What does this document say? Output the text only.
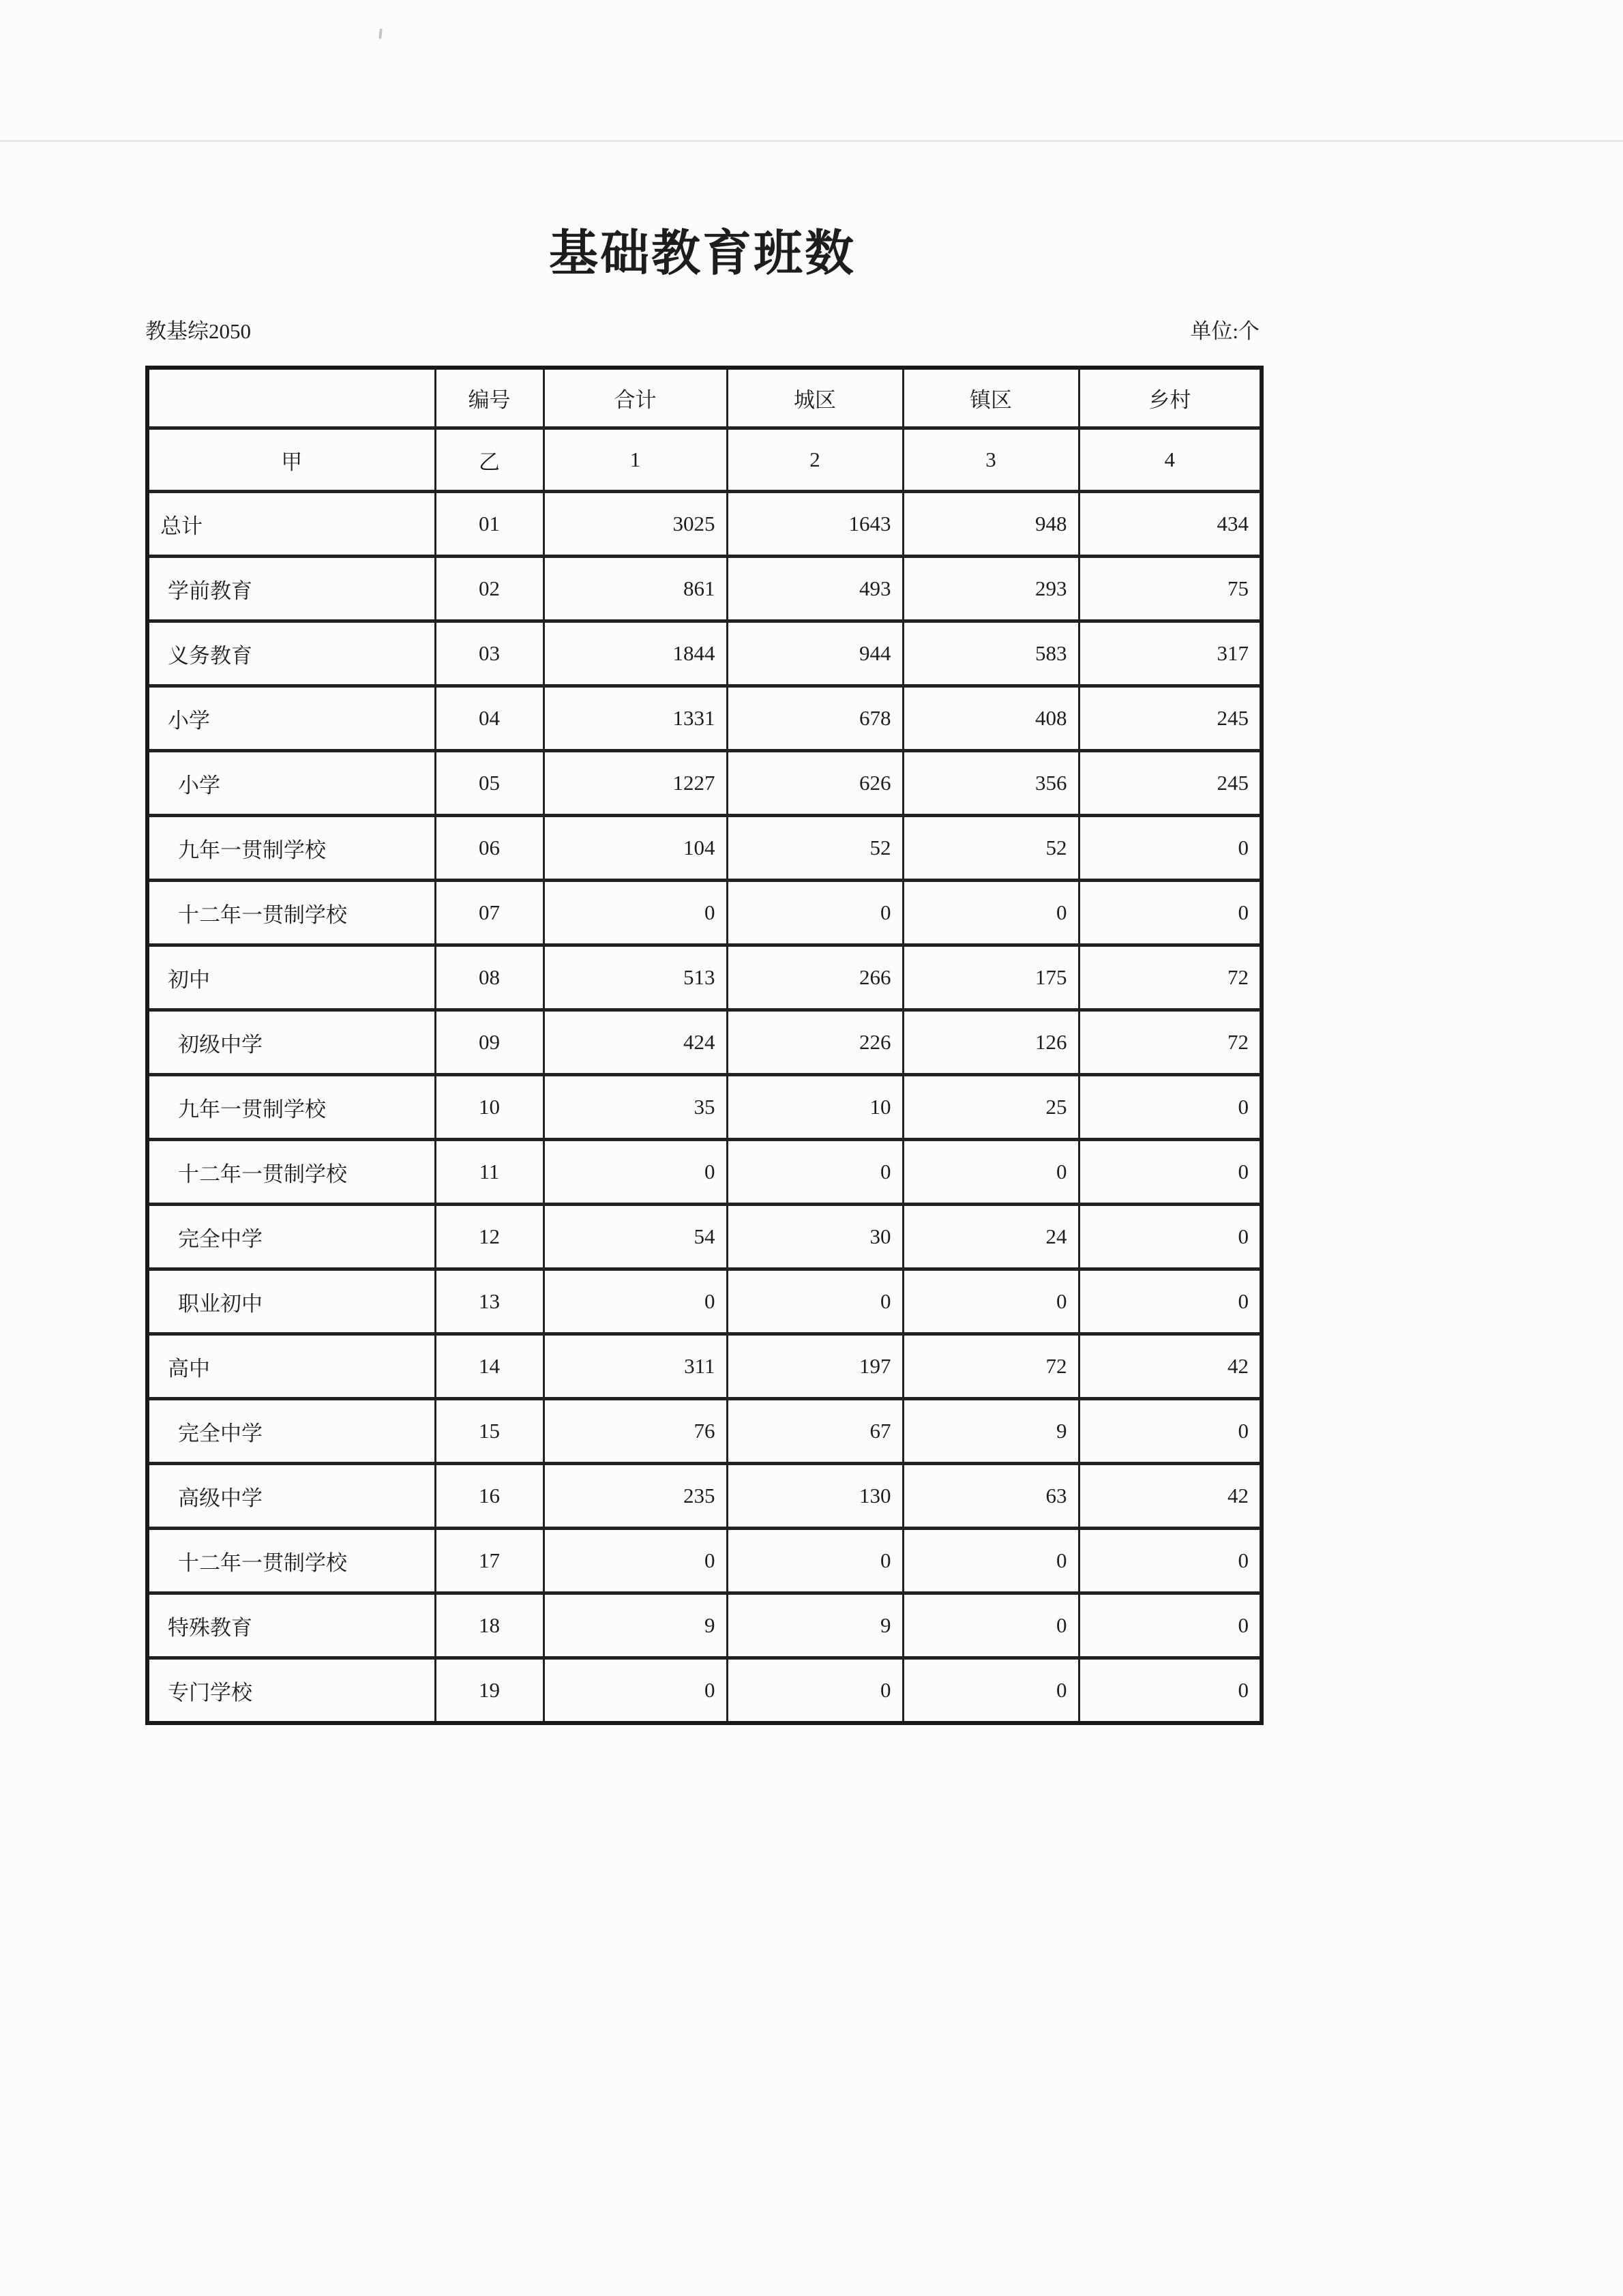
基础教育班数
教基综2050	单位:个
	编号	合计	城区	镇区	乡村
甲	乙	1	2	3	4
总计	01	3025	1643	948	434
学前教育	02	861	493	293	75
义务教育	03	1844	944	583	317
小学	04	1331	678	408	245
小学	05	1227	626	356	245
九年一贯制学校	06	104	52	52	0
十二年一贯制学校	07	0	0	0	0
初中	08	513	266	175	72
初级中学	09	424	226	126	72
九年一贯制学校	10	35	10	25	0
十二年一贯制学校	11	0	0	0	0
完全中学	12	54	30	24	0
职业初中	13	0	0	0	0
高中	14	311	197	72	42
完全中学	15	76	67	9	0
高级中学	16	235	130	63	42
十二年一贯制学校	17	0	0	0	0
特殊教育	18	9	9	0	0
专门学校	19	0	0	0	0
